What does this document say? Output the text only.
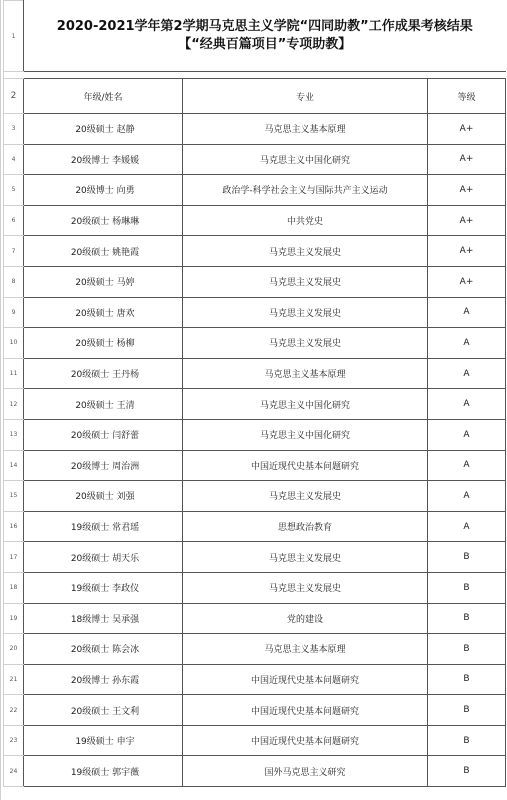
1	2020-2021学年第2学期马克思主义学院“四同助教”工作成果考核结果
【“经典百篇项目”专项助教】		

2	年级/姓名	专业	等级
3	20级硕士 赵静	马克思主义基本原理	A+
4	20级博士 李媛媛	马克思主义中国化研究	A+
5	20级博士 向勇	政治学-科学社会主义与国际共产主义运动	A+
6	20级硕士 杨琳琳	中共党史	A+
7	20级硕士 姚艳霞	马克思主义发展史	A+
8	20级硕士 马婷	马克思主义发展史	A+
9	20级硕士 唐欢	马克思主义发展史	A
10	20级硕士 杨柳	马克思主义发展史	A
11	20级硕士 王丹杨	马克思主义基本原理	A
12	20级硕士 王清	马克思主义中国化研究	A
13	20级硕士 闫舒蕾	马克思主义中国化研究	A
14	20级博士 周治洲	中国近现代史基本问题研究	A
15	20级硕士 刘强	马克思主义发展史	A
16	19级硕士 常君瑶	思想政治教育	A
17	20级硕士 胡天乐	马克思主义发展史	B
18	19级硕士 李政仪	马克思主义发展史	B
19	18级博士 吴承强	党的建设	B
20	20级硕士 陈会冰	马克思主义基本原理	B
21	20级博士 孙东霞	中国近现代史基本问题研究	B
22	20级硕士 王文利	中国近现代史基本问题研究	B
23	19级硕士 申宇	中国近现代史基本问题研究	B
24	19级硕士 郭宇薇	国外马克思主义研究	B
